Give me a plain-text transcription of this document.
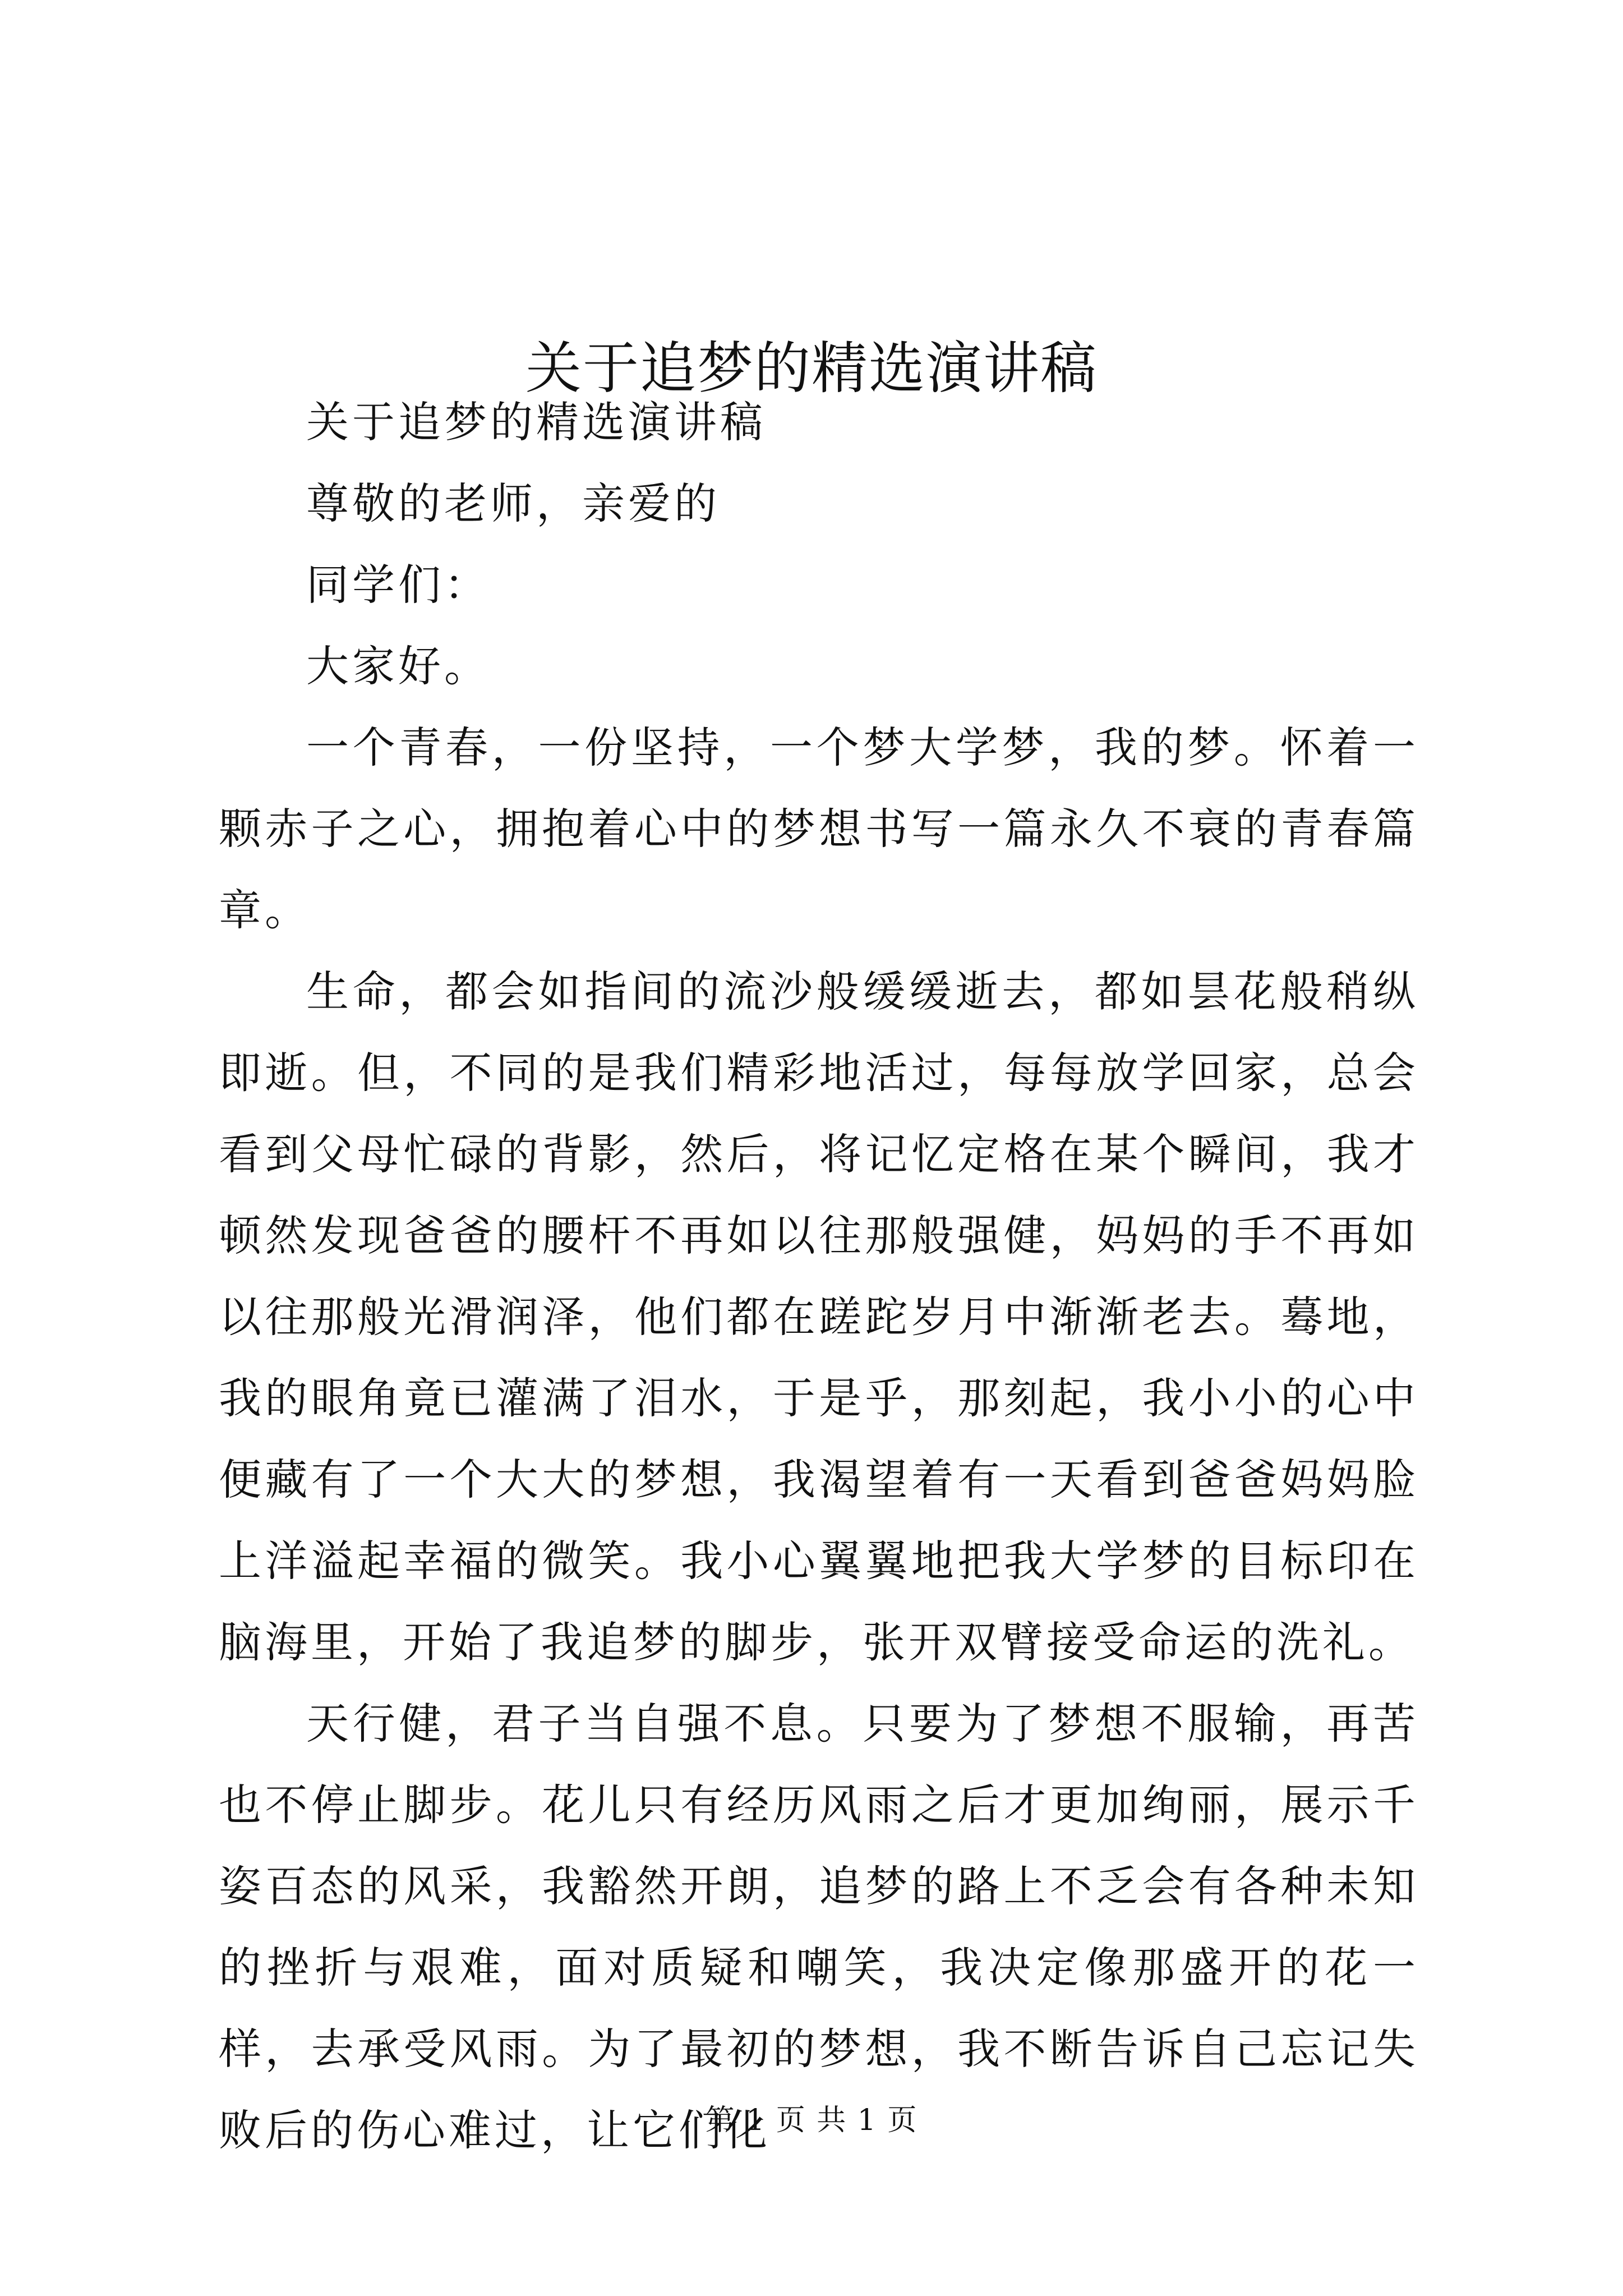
关于追梦的精选演讲稿

关于追梦的精选演讲稿

尊敬的老师，亲爱的

同学们：

大家好。

一个青春，一份坚持，一个梦大学梦，我的梦。怀着一颗赤子之心，拥抱着心中的梦想书写一篇永久不衰的青春篇章。

生命，都会如指间的流沙般缓缓逝去，都如昙花般稍纵即逝。但，不同的是我们精彩地活过，每每放学回家，总会看到父母忙碌的背影，然后，将记忆定格在某个瞬间，我才顿然发现爸爸的腰杆不再如以往那般强健，妈妈的手不再如以往那般光滑润泽，他们都在蹉跎岁月中渐渐老去。蓦地，我的眼角竟已灌满了泪水，于是乎，那刻起，我小小的心中便藏有了一个大大的梦想，我渴望着有一天看到爸爸妈妈脸上洋溢起幸福的微笑。我小心翼翼地把我大学梦的目标印在脑海里，开始了我追梦的脚步，张开双臂接受命运的洗礼。

天行健，君子当自强不息。只要为了梦想不服输，再苦也不停止脚步。花儿只有经历风雨之后才更加绚丽，展示千姿百态的风采，我豁然开朗，追梦的路上不乏会有各种未知的挫折与艰难，面对质疑和嘲笑，我决定像那盛开的花一样，去承受风雨。为了最初的梦想，我不断告诉自己忘记失败后的伤心难过，让它们化

第 1 页 共 1 页
